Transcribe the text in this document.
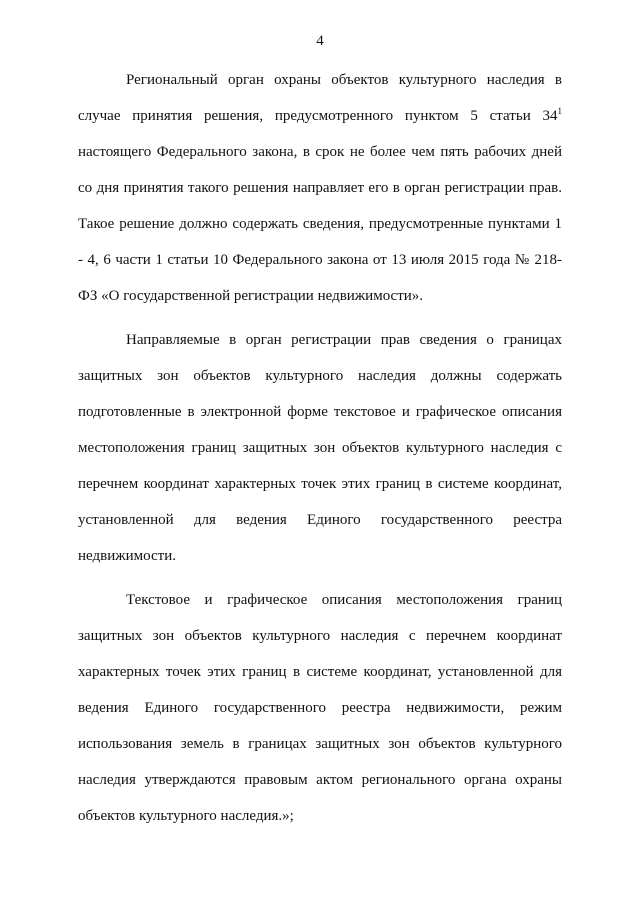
4

Региональный орган охраны объектов культурного наследия в случае принятия решения, предусмотренного пунктом 5 статьи $34^1$ настоящего Федерального закона, в срок не более чем пять рабочих дней со дня принятия такого решения направляет его в орган регистрации прав. Такое решение должно содержать сведения, предусмотренные пунктами 1 - 4, 6 части 1 статьи 10 Федерального закона от 13 июля 2015 года № 218-ФЗ «О государственной регистрации недвижимости».

Направляемые в орган регистрации прав сведения о границах защитных зон объектов культурного наследия должны содержать подготовленные в электронной форме текстовое и графическое описания местоположения границ защитных зон объектов культурного наследия с перечнем координат характерных точек этих границ в системе координат, установленной для ведения Единого государственного реестра недвижимости.

Текстовое и графическое описания местоположения границ защитных зон объектов культурного наследия с перечнем координат характерных точек этих границ в системе координат, установленной для ведения Единого государственного реестра недвижимости, режим использования земель в границах защитных зон объектов культурного наследия утверждаются правовым актом регионального органа охраны объектов культурного наследия.»;
